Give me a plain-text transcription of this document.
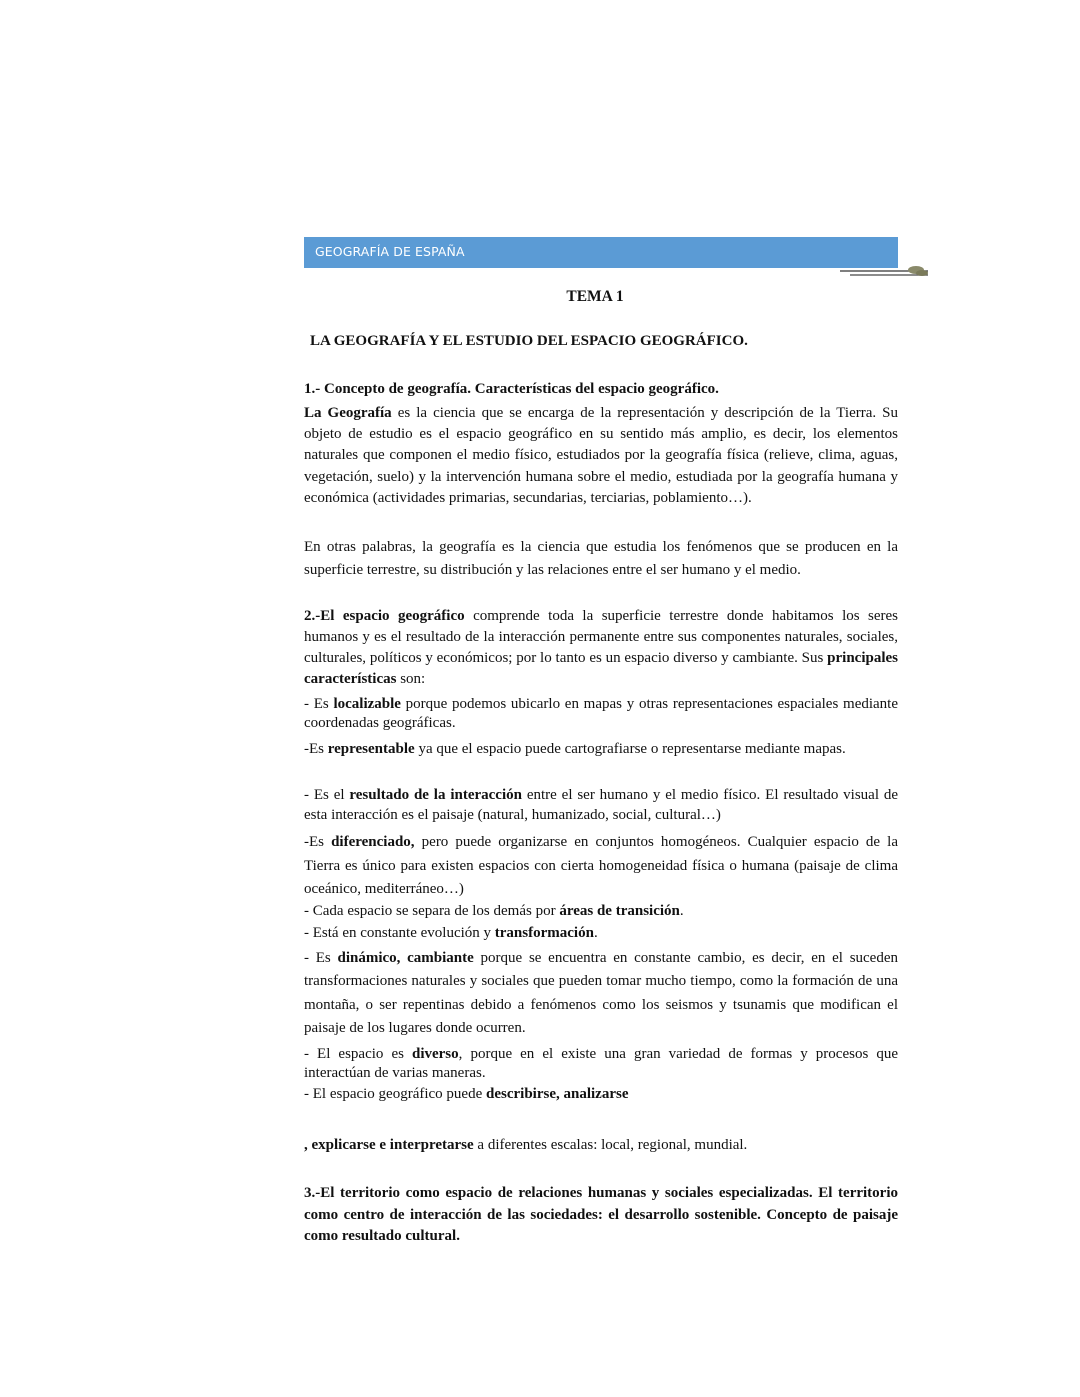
GEOGRAFÍA DE ESPAÑA
TEMA 1
LA GEOGRAFÍA Y EL ESTUDIO DEL ESPACIO GEOGRÁFICO.
1.- Concepto de geografía. Características del espacio geográfico.
La Geografía es la ciencia que se encarga de la representación y descripción de la Tierra. Su objeto de estudio es el espacio geográfico en su sentido más amplio, es decir, los elementos naturales que componen el medio físico, estudiados por la geografía física (relieve, clima, aguas, vegetación, suelo) y la intervención humana sobre el medio, estudiada por la geografía humana y económica (actividades primarias, secundarias, terciarias, poblamiento…).
En otras palabras, la geografía es la ciencia que estudia los fenómenos que se producen en la superficie terrestre, su distribución y las relaciones entre el ser humano y el medio.
2.-El espacio geográfico comprende toda la superficie terrestre donde habitamos los seres humanos y es el resultado de la interacción permanente entre sus componentes naturales, sociales, culturales, políticos y económicos; por lo tanto es un espacio diverso y cambiante. Sus principales características son:
- Es localizable porque podemos ubicarlo en mapas y otras representaciones espaciales mediante coordenadas geográficas.
-Es representable ya que el espacio puede cartografiarse o representarse mediante mapas.
- Es el resultado de la interacción entre el ser humano y el medio físico. El resultado visual de esta interacción es el paisaje (natural, humanizado, social, cultural…)
-Es diferenciado, pero puede organizarse en conjuntos homogéneos. Cualquier espacio de la Tierra es único para existen espacios con cierta homogeneidad física o humana (paisaje de clima oceánico, mediterráneo…)
- Cada espacio se separa de los demás por áreas de transición.
- Está en constante evolución y transformación.
- Es dinámico, cambiante porque se encuentra en constante cambio, es decir, en el suceden transformaciones naturales y sociales que pueden tomar mucho tiempo, como la formación de una montaña, o ser repentinas debido a fenómenos como los seismos y tsunamis que modifican el paisaje de los lugares donde ocurren.
- El espacio es diverso, porque en el existe una gran variedad de formas y procesos que interactúan de varias maneras.
- El espacio geográfico puede describirse, analizarse
, explicarse e interpretarse a diferentes escalas: local, regional, mundial.
3.-El territorio como espacio de relaciones humanas y sociales especializadas. El territorio como centro de interacción de las sociedades: el desarrollo sostenible. Concepto de paisaje como resultado cultural.
